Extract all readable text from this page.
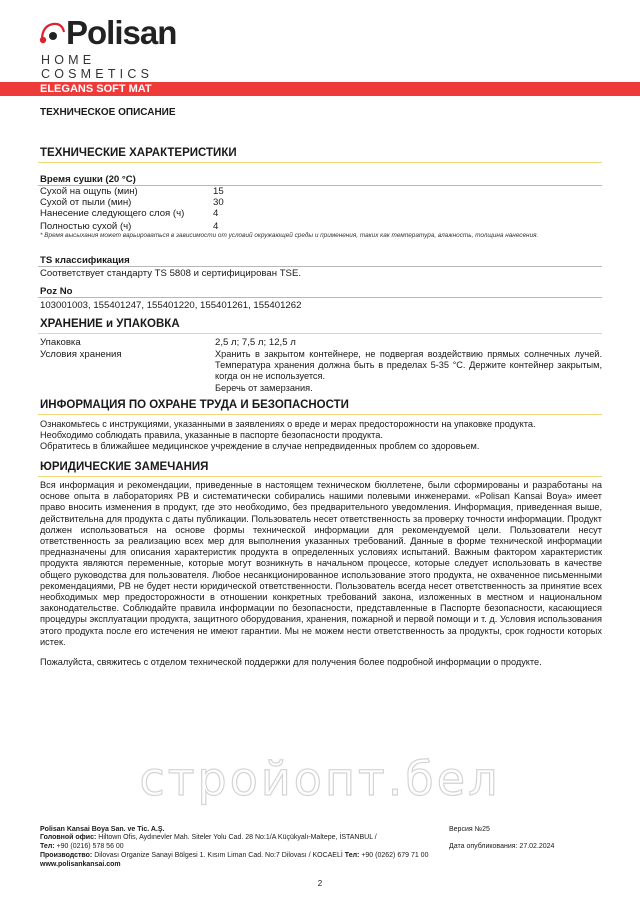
Polisan
HOME COSMETICS
ELEGANS SOFT MAT
ТЕХНИЧЕСКОЕ ОПИСАНИЕ
ТЕХНИЧЕСКИЕ ХАРАКТЕРИСТИКИ
Время сушки (20 °C)
Сухой на ощупь (мин)	15
Сухой от пыли (мин)	30
Нанесение следующего слоя (ч)	4
Полностью сухой (ч)	4
* Время высыхания может варьироваться в зависимости от условий окружающей среды и применения, таких как температура, влажность, толщина нанесения.
TS классификация
Соответствует стандарту TS 5808 и сертифицирован TSE.
Poz No
103001003, 155401247, 155401220, 155401261, 155401262
ХРАНЕНИЕ и УПАКОВКА
Упаковка	2,5 л; 7,5 л; 12,5 л
Условия хранения	Хранить в закрытом контейнере, не подвергая воздействию прямых солнечных лучей. Температура хранения должна быть в пределах 5-35 °C. Держите контейнер закрытым, когда он не используется.
Беречь от замерзания.
ИНФОРМАЦИЯ ПО ОХРАНЕ ТРУДА И БЕЗОПАСНОСТИ
Ознакомьтесь с инструкциями, указанными в заявлениях о вреде и мерах предосторожности на упаковке продукта.
Необходимо соблюдать правила, указанные в паспорте безопасности продукта.
Обратитесь в ближайшее медицинское учреждение в случае непредвиденных проблем со здоровьем.
ЮРИДИЧЕСКИЕ ЗАМЕЧАНИЯ
Вся информация и рекомендации, приведенные в настоящем техническом бюллетене, были сформированы и разработаны на основе опыта в лабораториях PB и систематически собирались нашими полевыми инженерами. «Polisan Kansai Boya» имеет право вносить изменения в продукт, где это необходимо, без предварительного уведомления. Информация, приведенная выше, действительна для продукта с даты публикации. Пользователь несет ответственность за проверку точности информации. Продукт должен использоваться на основе формы технической информации для рекомендуемой цели. Пользователи несут ответственность за реализацию всех мер для выполнения указанных требований. Данные в форме технической информации предназначены для описания характеристик продукта в определенных условиях испытаний. Важным фактором характеристик продукта являются переменные, которые могут возникнуть в начальном процессе, которые следует использовать в качестве общего руководства для пользователя. Любое несанкционированное использование этого продукта, не охваченное письменными рекомендациями, PB не будет нести юридической ответственности. Пользователь всегда несет ответственность за принятие всех необходимых мер предосторожности в отношении конкретных требований закона, изложенных в местном и национальном законодательстве. Соблюдайте правила информации по безопасности, представленные в Паспорте безопасности, касающиеся процедуры эксплуатации продукта, защитного оборудования, хранения, пожарной и первой помощи и т. д. Условия использования этого продукта после его истечения не имеют гарантии. Мы не можем нести ответственность за продукты, срок годности которых истек.
Пожалуйста, свяжитесь с отделом технической поддержки для получения более подробной информации о продукте.
стройопт.бел
Polisan Kansai Boya San. ve Tic. A.Ş.
Головной офис: Hiltown Ofis, Aydınevler Mah. Siteler Yolu Cad. 28 No:1/A Küçükyalı-Maltepe, İSTANBUL /
Тел: +90 (0216) 578 56 00
Производство: Dilovası Organize Sanayi Bölgesi 1. Kısım Liman Cad. No:7 Dilovası / KOCAELİ Тел: +90 (0262) 679 71 00
www.polisankansai.com
Версия №25
Дата опубликования: 27.02.2024
2
